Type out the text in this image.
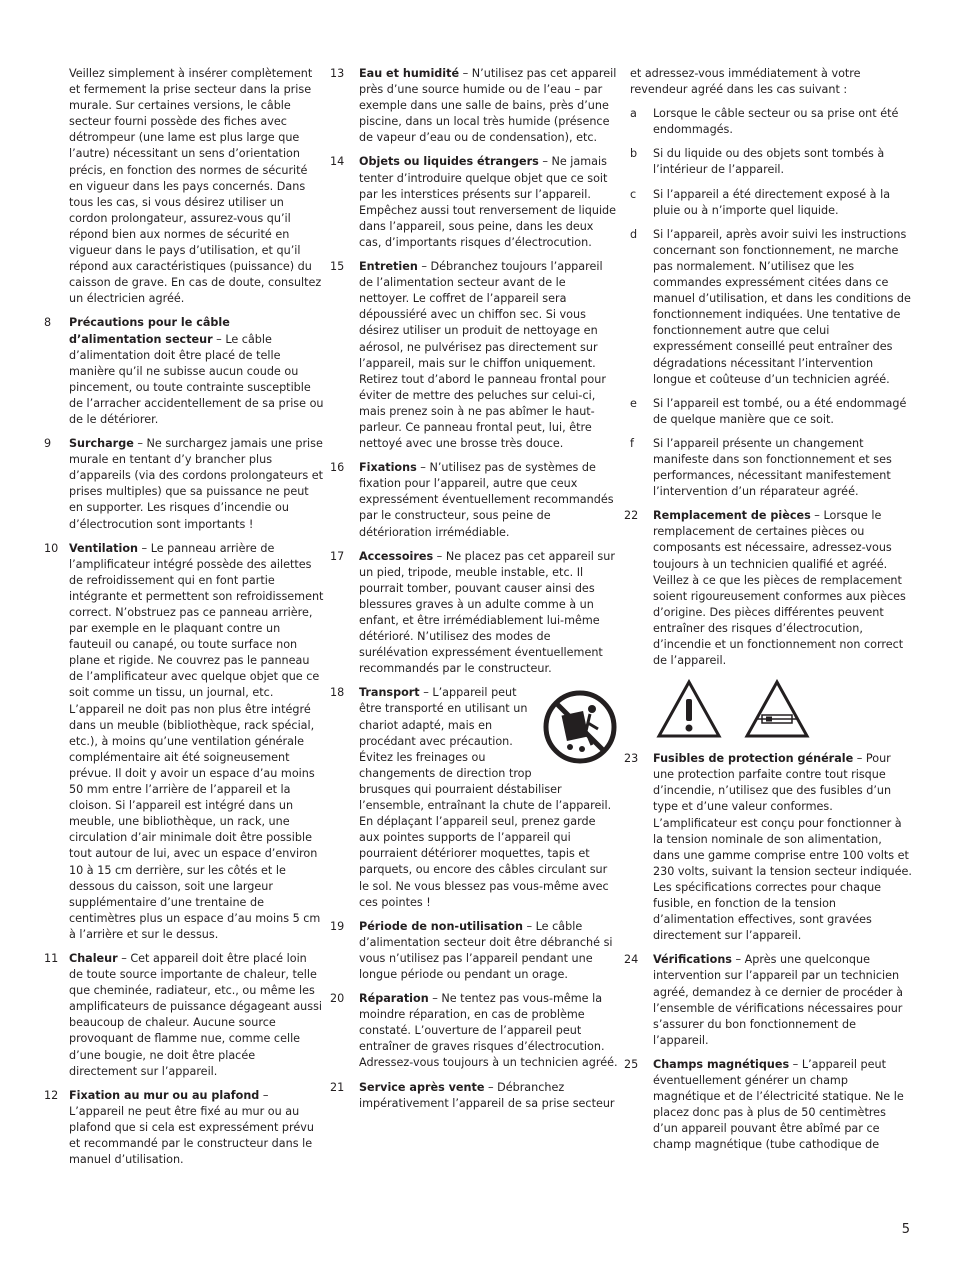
Veillez simplement à insérer complètement et fermement la prise secteur dans la prise murale. Sur certaines versions, le câble secteur fourni possède des fiches avec détrompeur (une lame est plus large que l’autre) nécessitant un sens d’orientation précis, en fonction des normes de sécurité en vigueur dans les pays concernés. Dans tous les cas, si vous désirez utiliser un cordon prolongateur, assurez-vous qu’il répond bien aux normes de sécurité en vigueur dans le pays d’utilisation, et qu’il répond aux caractéristiques (puissance) du caisson de grave. En cas de doute, consultez un électricien agréé.

8	Précautions pour le câble d’alimentation secteur – Le câble d’alimentation doit être placé de telle manière qu’il ne subisse aucun coude ou pincement, ou toute contrainte susceptible de l’arracher accidentellement de sa prise ou de le détériorer.
9	Surcharge – Ne surchargez jamais une prise murale en tentant d’y brancher plus d’appareils (via des cordons prolongateurs et prises multiples) que sa puissance ne peut en supporter. Les risques d’incendie ou d’électrocution sont importants !
10 Ventilation – Le panneau arrière de l’amplificateur intégré possède des ailettes de refroidissement qui en font partie intégrante et permettent son refroidissement correct. N’obstruez pas ce panneau arrière, par exemple en le plaquant contre un fauteuil ou canapé, ou toute surface non plane et rigide. Ne couvrez pas le panneau de l’amplificateur avec quelque objet que ce soit comme un tissu, un journal, etc. L’appareil ne doit pas non plus être intégré dans un meuble (bibliothèque, rack spécial, etc.), à moins qu’une ventilation générale complémentaire ait été soigneusement prévue. Il doit y avoir un espace d’au moins 50 mm entre l’arrière de l’appareil et la cloison. Si l’appareil est intégré dans un meuble, une bibliothèque, un rack, une circulation d’air minimale doit être possible tout autour de lui, avec un espace d’environ 10 à 15 cm derrière, sur les côtés et le dessous du caisson, soit une largeur supplémentaire d’une trentaine de centimètres plus un espace d’au moins 5 cm à l’arrière et sur le dessus.
11 Chaleur – Cet appareil doit être placé loin de toute source importante de chaleur, telle que cheminée, radiateur, etc., ou même les amplificateurs de puissance dégageant aussi beaucoup de chaleur. Aucune source provoquant de flamme nue, comme celle d’une bougie, ne doit être placée directement sur l’appareil.
12 Fixation au mur ou au plafond – L’appareil ne peut être fixé au mur ou au plafond que si cela est expressément prévu et recommandé par le constructeur dans le manuel d’utilisation.
13	Eau et humidité – N’utilisez pas cet appareil près d’une source humide ou de l’eau – par exemple dans une salle de bains, près d’une piscine, dans un local très humide (présence de vapeur d’eau ou de condensation), etc.
14	Objets ou liquides étrangers – Ne jamais tenter d’introduire quelque objet que ce soit par les interstices présents sur l’appareil. Empêchez aussi tout renversement de liquide dans l’appareil, sous peine, dans les deux cas, d’importants risques d’électrocution.
15	Entretien – Débranchez toujours l’appareil de l’alimentation secteur avant de le nettoyer. Le coffret de l’appareil sera dépoussiéré avec un chiffon sec. Si vous désirez utiliser un produit de nettoyage en aérosol, ne pulvérisez pas directement sur l’appareil, mais sur le chiffon uniquement. Retirez tout d’abord le panneau frontal pour éviter de mettre des peluches sur celui-ci, mais prenez soin à ne pas abîmer le haut-parleur. Ce panneau frontal peut, lui, être nettoyé avec une brosse très douce.
16	Fixations – N’utilisez pas de systèmes de fixation pour l’appareil, autre que ceux expressément éventuellement recommandés par le constructeur, sous peine de détérioration irrémédiable.
17	Accessoires – Ne placez pas cet appareil sur un pied, tripode, meuble instable, etc. Il pourrait tomber, pouvant causer ainsi des blessures graves à un adulte comme à un enfant, et être irrémédiablement lui-même détérioré. N’utilisez des modes de surélévation expressément éventuellement recommandés par le constructeur.
18	Transport – L’appareil peut être transporté en utilisant un chariot adapté, mais en procédant avec précaution. Évitez les freinages ou changements de direction trop brusques qui pourraient déstabiliser l’ensemble, entraînant la chute de l’appareil. En déplaçant l’appareil seul, prenez garde aux pointes supports de l’appareil qui pourraient détériorer moquettes, tapis et parquets, ou encore des câbles circulant sur le sol. Ne vous blessez pas vous-même avec ces pointes !
19	Période de non-utilisation – Le câble d’alimentation secteur doit être débranché si vous n’utilisez pas l’appareil pendant une longue période ou pendant un orage.
20	Réparation – Ne tentez pas vous-même la moindre réparation, en cas de problème constaté. L’ouverture de l’appareil peut entraîner de graves risques d’électrocution. Adressez-vous toujours à un technicien agréé.
21	Service après vente – Débranchez impérativement l’appareil de sa prise secteur

et adressez-vous immédiatement à votre revendeur agréé dans les cas suivant :

a	Lorsque le câble secteur ou sa prise ont été endommagés.
b	Si du liquide ou des objets sont tombés à l’intérieur de l’appareil.
c	Si l’appareil a été directement exposé à la pluie ou à n’importe quel liquide.
d	Si l’appareil, après avoir suivi les instructions concernant son fonctionnement, ne marche pas normalement. N’utilisez que les commandes expressément citées dans ce manuel d’utilisation, et dans les conditions de fonctionnement indiquées. Une tentative de fonctionnement autre que celui expressément conseillé peut entraîner des dégradations nécessitant l’intervention longue et coûteuse d’un technicien agréé.
e	Si l’appareil est tombé, ou a été endommagé de quelque manière que ce soit.
f	Si l’appareil présente un changement manifeste dans son fonctionnement et ses performances, nécessitant manifestement l’intervention d’un réparateur agréé.
22	Remplacement de pièces – Lorsque le remplacement de certaines pièces ou composants est nécessaire, adressez-vous toujours à un technicien qualifié et agréé. Veillez à ce que les pièces de remplacement soient rigoureusement conformes aux pièces d’origine. Des pièces différentes peuvent entraîner des risques d’électrocution, d’incendie et un fonctionnement non correct de l’appareil.
23	Fusibles de protection générale – Pour une protection parfaite contre tout risque d’incendie, n’utilisez que des fusibles d’un type et d’une valeur conformes. L’amplificateur est conçu pour fonctionner à la tension nominale de son alimentation, dans une gamme comprise entre 100 volts et 230 volts, suivant la tension secteur indiquée. Les spécifications correctes pour chaque fusible, en fonction de la tension d’alimentation effectives, sont gravées directement sur l’appareil.
24	Vérifications – Après une quelconque intervention sur l’appareil par un technicien agréé, demandez à ce dernier de procéder à l’ensemble de vérifications nécessaires pour s’assurer du bon fonctionnement de l’appareil.
25	Champs magnétiques – L’appareil peut éventuellement générer un champ magnétique et de l’électricité statique. Ne le placez donc pas à plus de 50 centimètres d’un appareil pouvant être abîmé par ce champ magnétique (tube cathodique de
5
